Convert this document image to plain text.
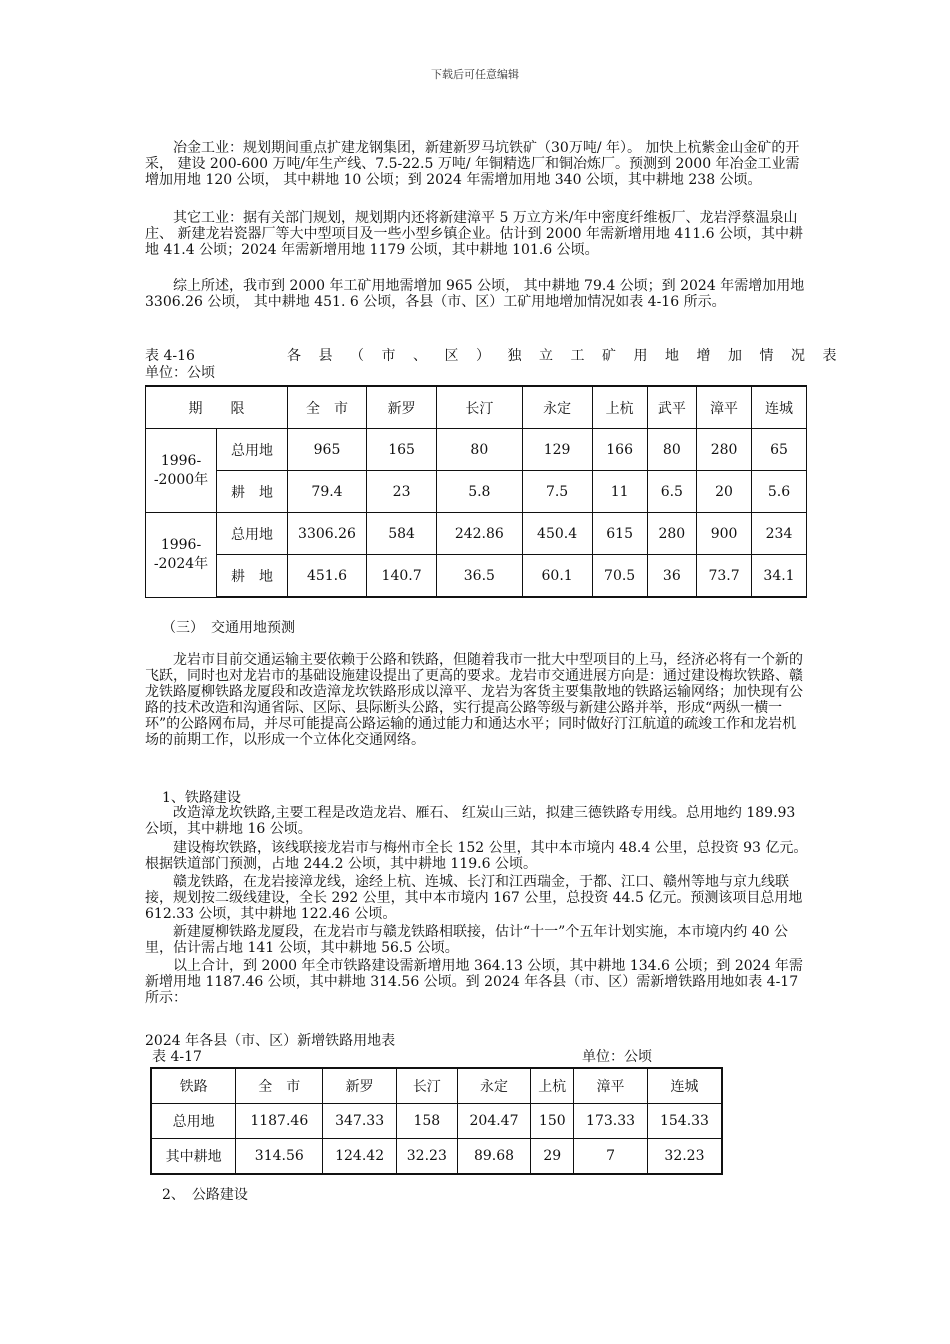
下载后可任意编辑

冶金工业：规划期间重点扩建龙钢集团，新建新罗马坑铁矿（30万吨/ 年）。 加快上杭紫金山金矿的开采， 建设 200-600 万吨/年生产线、7.5-22.5 万吨/ 年铜精选厂和铜冶炼厂。预测到 2000 年冶金工业需增加用地 120 公顷， 其中耕地 10 公顷；到 2024 年需增加用地 340 公顷，其中耕地 238 公顷。

其它工业：据有关部门规划，规划期内还将新建漳平 5 万立方米/年中密度纤维板厂、龙岩浮蔡温泉山庄、 新建龙岩瓷器厂等大中型项目及一些小型乡镇企业。估计到 2000 年需新增用地 411.6 公顷，其中耕地 41.4 公顷；2024 年需新增用地 1179 公顷，其中耕地 101.6 公顷。

综上所述，我市到 2000 年工矿用地需增加 965 公顷， 其中耕地 79.4 公顷；到 2024 年需增加用地 3306.26 公顷， 其中耕地 451. 6 公顷，各县（市、区）工矿用地增加情况如表 4-16 所示。

表 4-16	各县（市、区）独立工矿用地增加情况表
单位：公顷
期　　限		全　市	新罗	长汀	永定	上杭	武平	漳平	连城
1996--2000年	总用地	965	165	80	129	166	80	280	65
	耕　地	79.4	23	5.8	7.5	11	6.5	20	5.6
1996--2024年	总用地	3306.26	584	242.86	450.4	615	280	900	234
	耕　地	451.6	140.7	36.5	60.1	70.5	36	73.7	34.1
（三）　交通用地预测

龙岩市目前交通运输主要依赖于公路和铁路，但随着我市一批大中型项目的上马，经济必将有一个新的飞跃，同时也对龙岩市的基础设施建设提出了更高的要求。龙岩市交通进展方向是：通过建设梅坎铁路、赣龙铁路厦柳铁路龙厦段和改造漳龙坎铁路形成以漳平、龙岩为客货主要集散地的铁路运输网络；加快现有公路的技术改造和沟通省际、区际、县际断头公路，实行提高公路等级与新建公路并举，形成“两纵一横一环”的公路网布局，并尽可能提高公路运输的通过能力和通达水平；同时做好汀江航道的疏竣工作和龙岩机场的前期工作，以形成一个立体化交通网络。

1、铁路建设

改造漳龙坎铁路,主要工程是改造龙岩、雁石、 红炭山三站，拟建三德铁路专用线。总用地约 189.93 公顷，其中耕地 16 公顷。

建设梅坎铁路，该线联接龙岩市与梅州市全长 152 公里，其中本市境内 48.4 公里，总投资 93 亿元。根据铁道部门预测，占地 244.2 公顷，其中耕地 119.6 公顷。

赣龙铁路，在龙岩接漳龙线，途经上杭、连城、长汀和江西瑞金，于都、江口、赣州等地与京九线联接，规划按二级线建设，全长 292 公里，其中本市境内 167 公里，总投资 44.5 亿元。预测该项目总用地 612.33 公顷，其中耕地 122.46 公顷。

新建厦柳铁路龙厦段，在龙岩市与赣龙铁路相联接，估计“十一”个五年计划实施，本市境内约 40 公里，估计需占地 141 公顷，其中耕地 56.5 公顷。

以上合计，到 2000 年全市铁路建设需新增用地 364.13 公顷，其中耕地 134.6 公顷；到 2024 年需新增用地 1187.46 公顷，其中耕地 314.56 公顷。到 2024 年各县（市、区）需新增铁路用地如表 4-17 所示：

2024 年各县（市、区）新增铁路用地表
表 4-17	单位：公顷
铁路	全　市	新罗	长汀	永定	上杭	漳平	连城
总用地	1187.46	347.33	158	204.47	150	173.33	154.33
其中耕地	314.56	124.42	32.23	89.68	29	7	32.23
2、　公路建设
